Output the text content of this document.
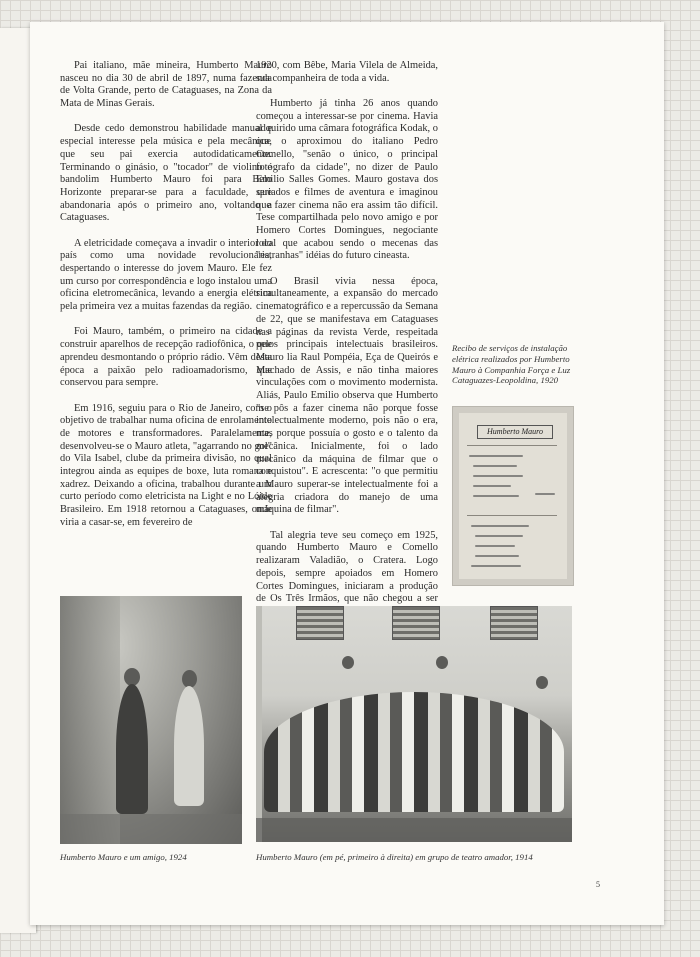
Pai italiano, mãe mineira, Humberto Mauro nasceu no dia 30 de abril de 1897, numa fazenda de Volta Grande, perto de Cataguases, na Zona da Mata de Minas Gerais.

Desde cedo demonstrou habilidade manual e especial interesse pela música e pela mecânica, que seu pai exercia autodidaticamente. Terminando o ginásio, o "tocador" de violino e bandolim Humberto Mauro foi para Belo Horizonte preparar-se para a faculdade, que abandonaria após o primeiro ano, voltando a Cataguases.

A eletricidade começava a invadir o interior do país como uma novidade revolucionária, despertando o interesse do jovem Mauro. Ele fez um curso por correspondência e logo instalou uma oficina eletromecânica, levando a energia elétrica pela primeira vez a muitas fazendas da região.

Foi Mauro, também, o primeiro na cidade a construir aparelhos de recepção radiofônica, o que aprendeu desmontando o próprio rádio. Vêm desta época a paixão pelo radioamadorismo, que conservou para sempre.

Em 1916, seguiu para o Rio de Janeiro, com o objetivo de trabalhar numa oficina de enrolamento de motores e transformadores. Paralelamente, desenvolveu-se o Mauro atleta, "agarrando no gol" do Vila Isabel, clube da primeira divisão, no qual integrou ainda as equipes de boxe, luta romana e xadrez. Deixando a oficina, trabalhou durante um curto período como eletricista na Light e no Lóide Brasileiro. Em 1918 retornou a Cataguases, onde viria a casar-se, em fevereiro de

1920, com Bêbe, Maria Vilela de Almeida, sua companheira de toda a vida.

Humberto já tinha 26 anos quando começou a interessar-se por cinema. Havia adquirido uma câmara fotográfica Kodak, o que o aproximou do italiano Pedro Comello, "senão o único, o principal fotógrafo da cidade", no dizer de Paulo Emilio Salles Gomes. Mauro gostava dos seriados e filmes de aventura e imaginou que fazer cinema não era assim tão difícil. Tese compartilhada pelo novo amigo e por Homero Cortes Domingues, negociante local que acabou sendo o mecenas das "estranhas" idéias do futuro cineasta.

O Brasil vivia nessa época, simultaneamente, a expansão do mercado cinematográfico e a repercussão da Semana de 22, que se manifestava em Cataguases nas páginas da revista Verde, respeitada pelos principais intelectuais brasileiros. Mauro lia Raul Pompéia, Eça de Queirós e Machado de Assis, e não tinha maiores vinculações com o movimento modernista. Aliás, Paulo Emilio observa que Humberto "se pôs a fazer cinema não porque fosse intelectualmente moderno, pois não o era, mas porque possuía o gosto e o talento da mecânica. Inicialmente, foi o lado mecânico da máquina de filmar que o conquistou". E acrescenta: "o que permitiu a Mauro superar-se intelectualmente foi a alegria criadora do manejo de uma máquina de filmar".

Tal alegria teve seu começo em 1925, quando Humberto Mauro e Comello realizaram Valadião, o Cratera. Logo depois, sempre apoiados em Homero Cortes Domingues, iniciaram a produção de Os Três Irmãos, que não chegou a ser

Recibo de serviços de instalação elétrica realizados por Humberto Mauro à Companhia Força e Luz Cataguazes-Leopoldina, 1920
Humberto Mauro
Humberto Mauro e um amigo, 1924	Humberto Mauro (em pé, primeiro à direita) em grupo de teatro amador, 1914
5
